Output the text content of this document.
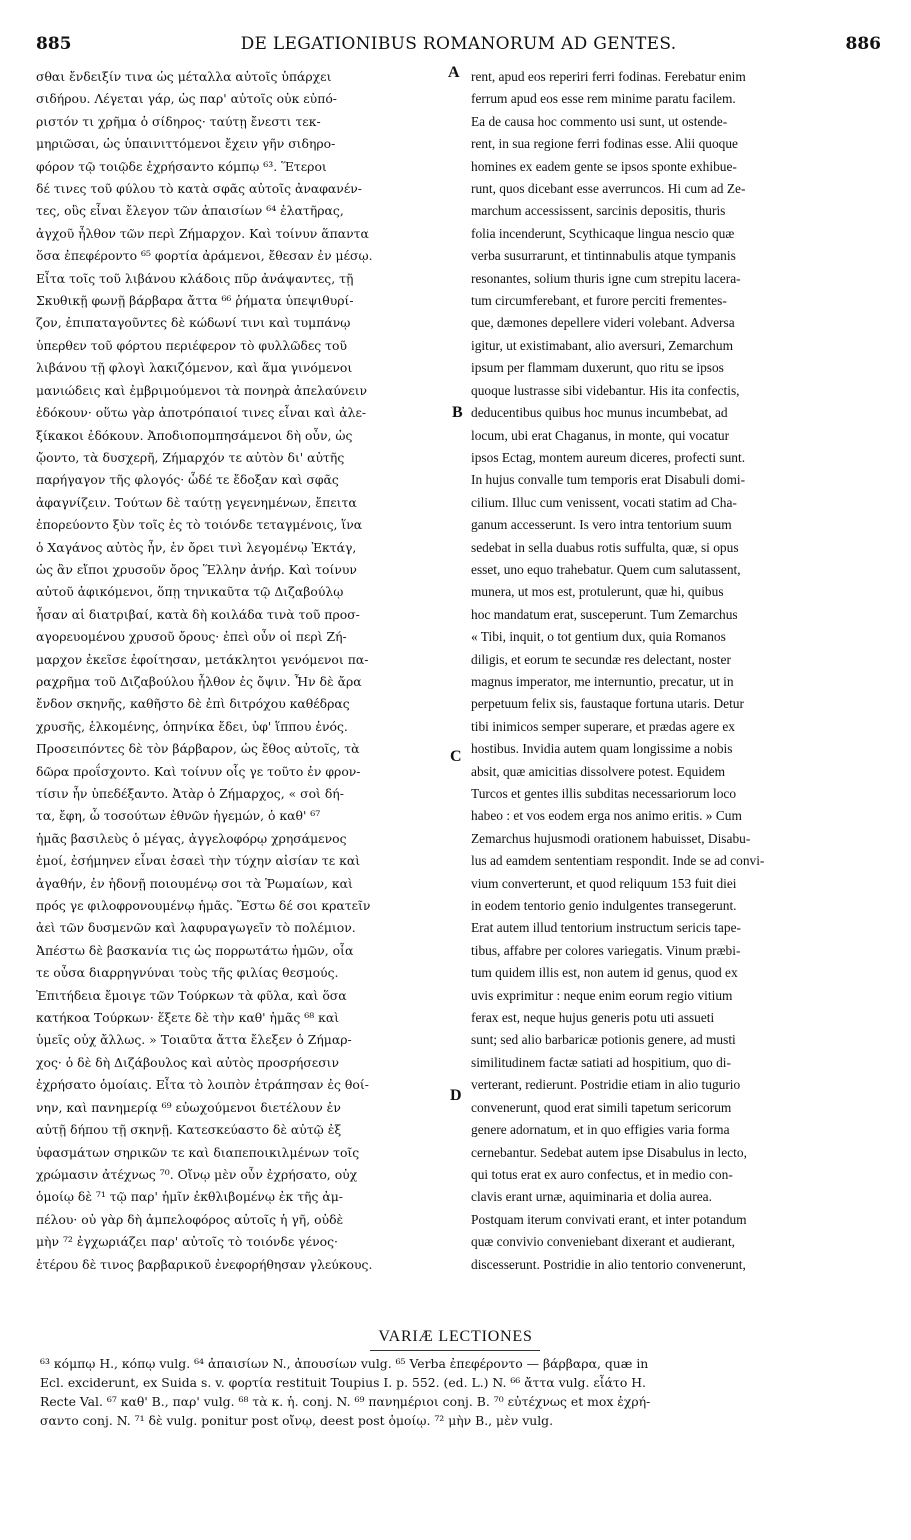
885	DE LEGATIONIBUS ROMANORUM AD GENTES.	886
σθαι ἔνδειξίν τινα ὡς μέταλλα αὐτοῖς ὑπάρχει
σιδήρου. Λέγεται γάρ, ὡς παρ' αὐτοῖς οὐκ εὐπό-
ριστόν τι χρῆμα ὁ σίδηρος· ταύτῃ ἔνεστι τεκ-
μηριῶσαι, ὡς ὑπαινιττόμενοι ἔχειν γῆν σιδηρο-
φόρον τῷ τοιῷδε ἐχρήσαντο κόμπῳ ⁶³. Ἕτεροι
δέ τινες τοῦ φύλου τὸ κατὰ σφᾶς αὐτοῖς ἀναφανέν-
τες, οὓς εἶναι ἔλεγον τῶν ἀπαισίων ⁶⁴ ἐλατῆρας,
ἀγχοῦ ἦλθον τῶν περὶ Ζήμαρχον. Καὶ τοίνυν ἅπαντα
ὅσα ἐπεφέροντο ⁶⁵ φορτία ἀράμενοι, ἔθεσαν ἐν μέσῳ.
Εἶτα τοῖς τοῦ λιβάνου κλάδοις πῦρ ἀνάψαντες, τῇ
Σκυθικῇ φωνῇ βάρβαρα ἄττα ⁶⁶ ῥήματα ὑπεψιθυρί-
ζον, ἐπιπαταγοῦντες δὲ κώδωνί τινι καὶ τυμπάνῳ
ὑπερθεν τοῦ φόρτου περιέφερον τὸ φυλλῶδες τοῦ
λιβάνου τῇ φλογὶ λακιζόμενον, καὶ ἅμα γινόμενοι
μανιώδεις καὶ ἐμβριμούμενοι τὰ πονηρὰ ἀπελαύνειν
ἐδόκουν· οὕτω γὰρ ἀποτρόπαιοί τινες εἶναι καὶ ἀλε-
ξίκακοι ἐδόκουν. Ἀποδιοπομπησάμενοι δὴ οὖν, ὡς
ᾤοντο, τὰ δυσχερῆ, Ζήμαρχόν τε αὐτὸν δι' αὐτῆς
παρήγαγον τῆς φλογός· ὧδέ τε ἔδοξαν καὶ σφᾶς
ἀφαγνίζειν. Τούτων δὲ ταύτῃ γεγενημένων, ἔπειτα
ἐπορεύοντο ξὺν τοῖς ἐς τὸ τοιόνδε τεταγμένοις, ἵνα
ὁ Χαγάνος αὐτὸς ἦν, ἐν ὄρει τινὶ λεγομένῳ Ἐκτάγ,
ὡς ἂν εἴποι χρυσοῦν ὄρος Ἕλλην ἀνήρ. Καὶ τοίνυν
αὐτοῦ ἀφικόμενοι, ὅπῃ τηνικαῦτα τῷ Διζαβούλῳ
ἦσαν αἱ διατριβαί, κατὰ δὴ κοιλάδα τινὰ τοῦ προσ-
αγορευομένου χρυσοῦ ὄρους· ἐπεὶ οὖν οἱ περὶ Ζή-
μαρχον ἐκεῖσε ἐφοίτησαν, μετάκλητοι γενόμενοι πα-
ραχρῆμα τοῦ Διζαβούλου ἦλθον ἐς ὄψιν. Ἦν δὲ ἄρα
ἔνδον σκηνῆς, καθῆστο δὲ ἐπὶ διτρόχου καθέδρας
χρυσῆς, ἑλκομένης, ὁπηνίκα ἔδει, ὑφ' ἵππου ἑνός.
Προσειπόντες δὲ τὸν βάρβαρον, ὡς ἔθος αὐτοῖς, τὰ
δῶρα προΐσχοντο. Καὶ τοίνυν οἷς γε τοῦτο ἐν φρον-
τίσιν ἦν ὑπεδέξαντο. Ἀτὰρ ὁ Ζήμαρχος, « σοὶ δή-
τα, ἔφη, ὦ τοσούτων ἐθνῶν ἡγεμών, ὁ καθ' ⁶⁷
ἡμᾶς βασιλεὺς ὁ μέγας, ἀγγελοφόρῳ χρησάμενος
ἐμοί, ἐσήμηνεν εἶναι ἐσαεὶ τὴν τύχην αἰσίαν τε καὶ
ἀγαθήν, ἐν ἡδονῇ ποιουμένῳ σοι τὰ Ῥωμαίων, καὶ
πρός γε φιλοφρονουμένῳ ἡμᾶς. Ἔστω δέ σοι κρατεῖν
ἀεὶ τῶν δυσμενῶν καὶ λαφυραγωγεῖν τὸ πολέμιον.
Ἀπέστω δὲ βασκανία τις ὡς πορρωτάτω ἡμῶν, οἷα
τε οὖσα διαρρηγνύναι τοὺς τῆς φιλίας θεσμούς.
Ἐπιτήδεια ἔμοιγε τῶν Τούρκων τὰ φῦλα, καὶ ὅσα
κατήκοα Τούρκων· ἕξετε δὲ τὴν καθ' ἡμᾶς ⁶⁸ καὶ
ὑμεῖς οὐχ ἄλλως. » Τοιαῦτα ἄττα ἔλεξεν ὁ Ζήμαρ-
χος· ὁ δὲ δὴ Διζάβουλος καὶ αὐτὸς προσρήσεσιν
ἐχρήσατο ὁμοίαις. Εἶτα τὸ λοιπὸν ἐτράπησαν ἐς θοί-
νην, καὶ πανημερίᾳ ⁶⁹ εὐωχούμενοι διετέλουν ἐν
αὐτῇ δήπου τῇ σκηνῇ. Κατεσκεύαστο δὲ αὐτῷ ἐξ
ὑφασμάτων σηρικῶν τε καὶ διαπεποικιλμένων τοῖς
χρώμασιν ἀτέχνως ⁷⁰. Οἴνῳ μὲν οὖν ἐχρήσατο, οὐχ
ὁμοίῳ δὲ ⁷¹ τῷ παρ' ἡμῖν ἐκθλιβομένῳ ἐκ τῆς ἀμ-
πέλου· οὐ γὰρ δὴ ἀμπελοφόρος αὐτοῖς ἡ γῆ, οὐδὲ
μὴν ⁷² ἐγχωριάζει παρ' αὐτοῖς τὸ τοιόνδε γένος·
ἑτέρου δὲ τινος βαρβαρικοῦ ἐνεφορήθησαν γλεύκους.
rent, apud eos reperiri ferri fodinas. Ferebatur enim
ferrum apud eos esse rem minime paratu facilem.
Ea de causa hoc commento usi sunt, ut ostende-
rent, in sua regione ferri fodinas esse. Alii quoque
homines ex eadem gente se ipsos sponte exhibue-
runt, quos dicebant esse averruncos. Hi cum ad Ze-
marchum accessissent, sarcinis depositis, thuris
folia incenderunt, Scythicaque lingua nescio quæ
verba susurrarunt, et tintinnabulis atque tympanis
resonantes, solium thuris igne cum strepitu lacera-
tum circumferebant, et furore perciti frementes-
que, dæmones depellere videri volebant. Adversa
igitur, ut existimabant, alio aversuri, Zemarchum
ipsum per flammam duxerunt, quo ritu se ipsos
quoque lustrasse sibi videbantur. His ita confectis,
deducentibus quibus hoc munus incumbebat, ad
locum, ubi erat Chaganus, in monte, qui vocatur
ipsos Ectag, montem aureum diceres, profecti sunt.
In hujus convalle tum temporis erat Disabuli domi-
cilium. Illuc cum venissent, vocati statim ad Cha-
ganum accesserunt. Is vero intra tentorium suum
sedebat in sella duabus rotis suffulta, quæ, si opus
esset, uno equo trahebatur. Quem cum salutassent,
munera, ut mos est, protulerunt, quæ hi, quibus
hoc mandatum erat, susceperunt. Tum Zemarchus
« Tibi, inquit, o tot gentium dux, quia Romanos
diligis, et eorum te secundæ res delectant, noster
magnus imperator, me internuntio, precatur, ut in
perpetuum felix sis, faustaque fortuna utaris. Detur
tibi inimicos semper superare, et prædas agere ex
hostibus. Invidia autem quam longissime a nobis
absit, quæ amicitias dissolvere potest. Equidem
Turcos et gentes illis subditas necessariorum loco
habeo : et vos eodem erga nos animo eritis. » Cum
Zemarchus hujusmodi orationem habuisset, Disabu-
lus ad eamdem sententiam respondit. Inde se ad convi-
vium converterunt, et quod reliquum 153 fuit diei
in eodem tentorio genio indulgentes transegerunt.
Erat autem illud tentorium instructum sericis tape-
tibus, affabre per colores variegatis. Vinum præbi-
tum quidem illis est, non autem id genus, quod ex
uvis exprimitur : neque enim eorum regio vitium
ferax est, neque hujus generis potu uti assueti
sunt; sed alio barbaricæ potionis genere, ad musti
similitudinem factæ satiati ad hospitium, quo di-
verterant, redierunt. Postridie etiam in alio tugurio
convenerunt, quod erat simili tapetum sericorum
genere adornatum, et in quo effigies varia forma
cernebantur. Sedebat autem ipse Disabulus in lecto,
qui totus erat ex auro confectus, et in medio con-
clavis erant urnæ, aquiminaria et dolia aurea.
Postquam iterum convivati erant, et inter potandum
quæ convivio conveniebant dixerant et audierant,
discesserunt. Postridie in alio tentorio convenerunt,
A
B
C
D
VARIÆ LECTIONES
⁶³ κόμπῳ H., κόπῳ vulg. ⁶⁴ ἀπαισίων N., ἀπουσίων vulg. ⁶⁵ Verba ἐπεφέροντο — βάρβαρα, quæ in
Ecl. exciderunt, ex Suida s. v. φορτία restituit Toupius I. p. 552. (ed. L.) N. ⁶⁶ ἄττα vulg. εἶάτο H.
Recte Val. ⁶⁷ καθ' B., παρ' vulg. ⁶⁸ τὰ κ. ἡ. conj. N. ⁶⁹ πανημέριοι conj. B. ⁷⁰ εὐτέχνως et mox ἐχρή-
σαντο conj. N. ⁷¹ δὲ vulg. ponitur post οἴνῳ, deest post ὁμοίῳ. ⁷² μὴν B., μὲν vulg.
